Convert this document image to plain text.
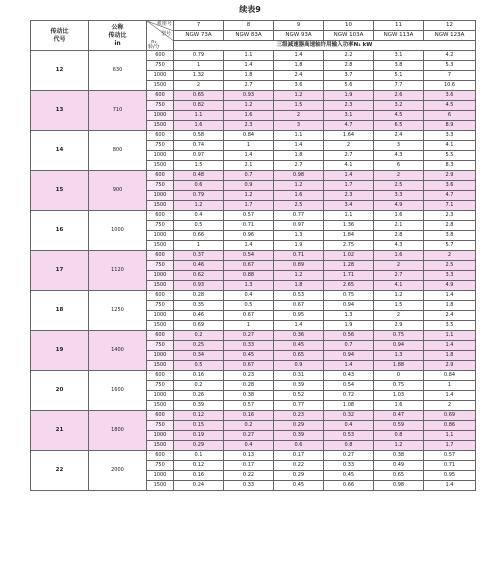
续表9
传动比
代号	公称
传动比
in	机座号
型号
n₁
转/分	7	8	9	10	11	12
			NGW 73A	NGW 83A	NGW 93A	NGW 103A	NGW 113A	NGW 123A
			三级减速器高速轴许用输入功率N₁ kW					
12	630	600	0.79	1.1	1.4	2.2	3.1	4.2
		750	1	1.4	1.8	2.8	3.8	5.3
		1000	1.32	1.8	2.4	3.7	5.1	7
		1500	2	2.7	3.6	5.6	7.7	10.6
13	710	600	0.65	0.93	1.2	1.9	2.6	3.6
		750	0.82	1.2	1.5	2.3	3.2	4.5
		1000	1.1	1.6	2	3.1	4.5	6
		1500	1.6	2.3	3	4.7	6.5	8.9
14	800	600	0.58	0.84	1.1	1.64	2.4	3.3
		750	0.74	1	1.4	2	3	4.1
		1000	0.97	1.4	1.8	2.7	4.3	5.5
		1500	1.5	2.1	2.7	4.1	6	8.3
15	900	600	0.48	0.7	0.98	1.4	2	2.9
		750	0.6	0.9	1.2	1.7	2.5	3.6
		1000	0.79	1.2	1.6	2.3	3.3	4.7
		1500	1.2	1.7	2.5	3.4	4.9	7.1
16	1000	600	0.4	0.57	0.77	1.1	1.6	2.3
		750	0.5	0.71	0.97	1.36	2.1	2.8
		1000	0.66	0.96	1.3	1.84	2.8	3.8
		1500	1	1.4	1.9	2.75	4.3	5.7
17	1120	600	0.37	0.54	0.71	1.02	1.6	2
		750	0.46	0.67	0.89	1.28	2	2.5
		1000	0.62	0.88	1.2	1.71	2.7	3.3
		1500	0.93	1.3	1.8	2.65	4.1	4.9
18	1250	600	0.28	0.4	0.53	0.75	1.2	1.4
		750	0.35	0.5	0.67	0.94	1.5	1.8
		1000	0.46	0.67	0.95	1.3	2	2.4
		1500	0.69	1	1.4	1.9	2.9	3.5
19	1400	600	0.2	0.27	0.36	0.56	0.75	1.1
		750	0.25	0.33	0.45	0.7	0.94	1.4
		1000	0.34	0.45	0.65	0.94	1.3	1.8
		1500	0.5	0.67	0.9	1.4	1.88	2.9
20	1600	600	0.16	0.23	0.31	0.43	0	0.84
		750	0.2	0.28	0.39	0.54	0.75	1
		1000	0.26	0.38	0.52	0.72	1.03	1.4
		1500	0.39	0.57	0.77	1.08	1.6	2
21	1800	600	0.12	0.16	0.23	0.32	0.47	0.69
		750	0.15	0.2	0.29	0.4	0.59	0.86
		1000	0.19	0.27	0.39	0.53	0.8	1.1
		1500	0.29	0.4	0.6	0.8	1.2	1.7
22	2000	600	0.1	0.13	0.17	0.27	0.38	0.57
		750	0.12	0.17	0.22	0.33	0.49	0.71
		1000	0.16	0.22	0.29	0.45	0.65	0.95
		1500	0.24	0.33	0.45	0.66	0.98	1.4
